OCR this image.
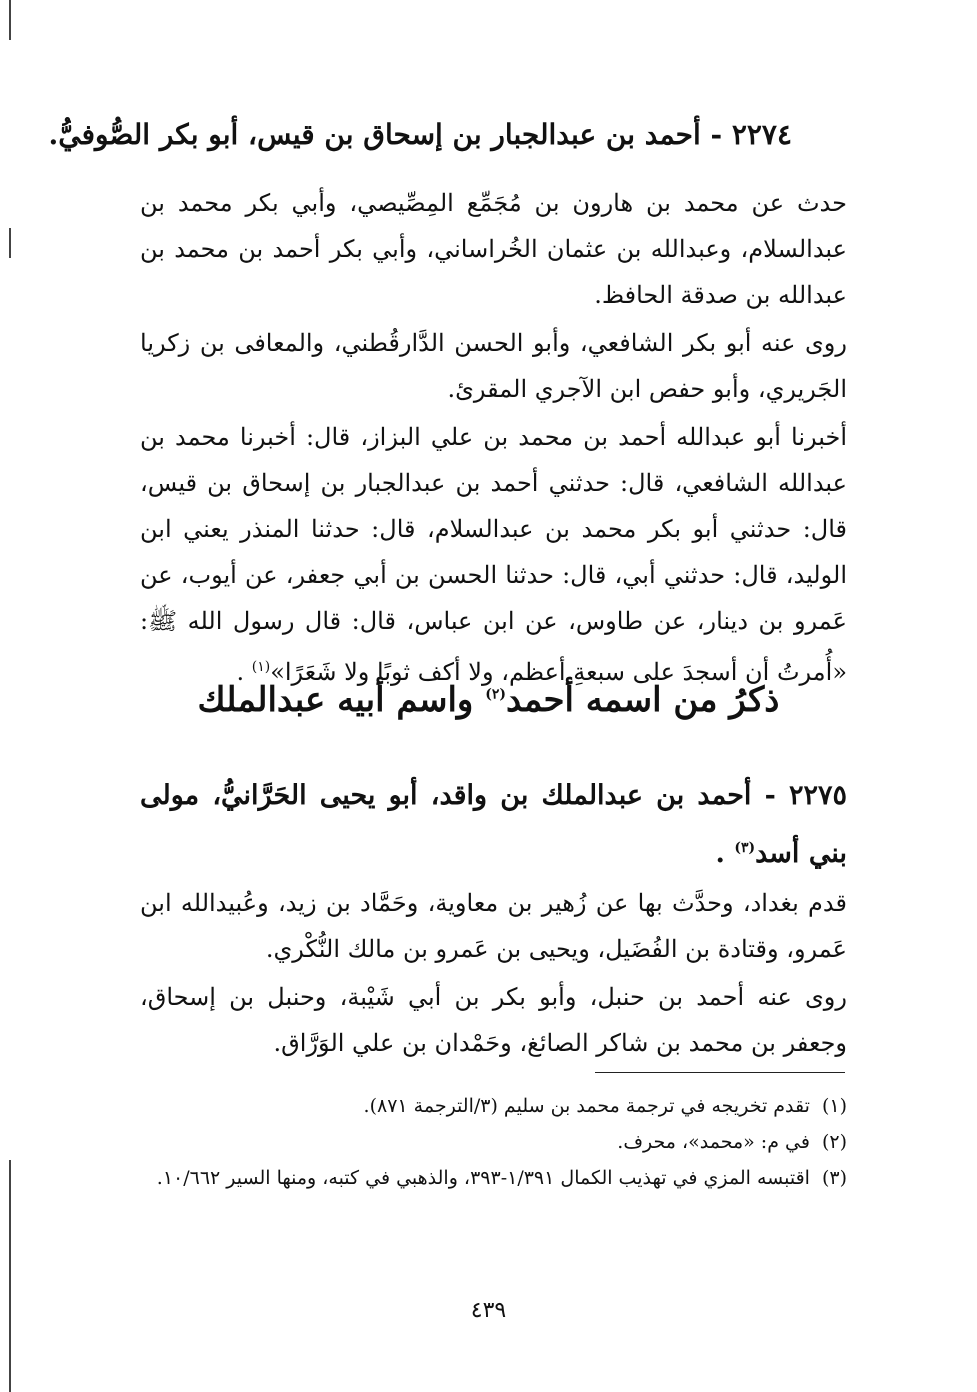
٢٢٧٤ - أحمد بن عبدالجبار بن إسحاق بن قيس، أبو بكر الصُّوفيُّ.

حدث عن محمد بن هارون بن مُجَمِّع المِصِّيصي، وأبي بكر محمد بن عبدالسلام، وعبدالله بن عثمان الخُراساني، وأبي بكر أحمد بن محمد بن عبدالله بن صدقة الحافظ.

روى عنه أبو بكر الشافعي، وأبو الحسن الدَّارقُطني، والمعافى بن زكريا الجَريري، وأبو حفص ابن الآجري المقرئ.

أخبرنا أبو عبدالله أحمد بن محمد بن علي البزاز، قال: أخبرنا محمد بن عبدالله الشافعي، قال: حدثني أحمد بن عبدالجبار بن إسحاق بن قيس، قال: حدثني أبو بكر محمد بن عبدالسلام، قال: حدثنا المنذر يعني ابن الوليد، قال: حدثني أبي، قال: حدثنا الحسن بن أبي جعفر، عن أيوب، عن عَمرو بن دينار، عن طاوس، عن ابن عباس، قال: قال رسول الله ﷺ: «أُمرتُ أن أسجدَ على سبعةِ أعظم، ولا أكف ثوبًا ولا شَعَرًا»$^{(١)}$ .

ذكرُ من اسمه أحمد$^{(٢)}$ واسم أبيه عبدالملك
٢٢٧٥ - أحمد بن عبدالملك بن واقد، أبو يحيى الحَرَّانيُّ، مولى بني أسد$^{(٣)}$ .

قدم بغداد، وحدَّث بها عن زُهير بن معاوية، وحَمَّاد بن زيد، وعُبيدالله ابن عَمرو، وقتادة بن الفُضَيل، ويحيى بن عَمرو بن مالك النُّكْري.

روى عنه أحمد بن حنبل، وأبو بكر بن أبي شَيْبة، وحنبل بن إسحاق، وجعفر بن محمد بن شاكر الصائغ، وحَمْدان بن علي الوَرَّاق.

(١)
تقدم تخريجه في ترجمة محمد بن سليم (٣/الترجمة ٨٧١).
(٢)
في م: «محمد»، محرف.
(٣)
اقتبسه المزي في تهذيب الكمال ١/٣٩١-٣٩٣، والذهبي في كتبه، ومنها السير ١٠/٦٦٢.
٤٣٩
